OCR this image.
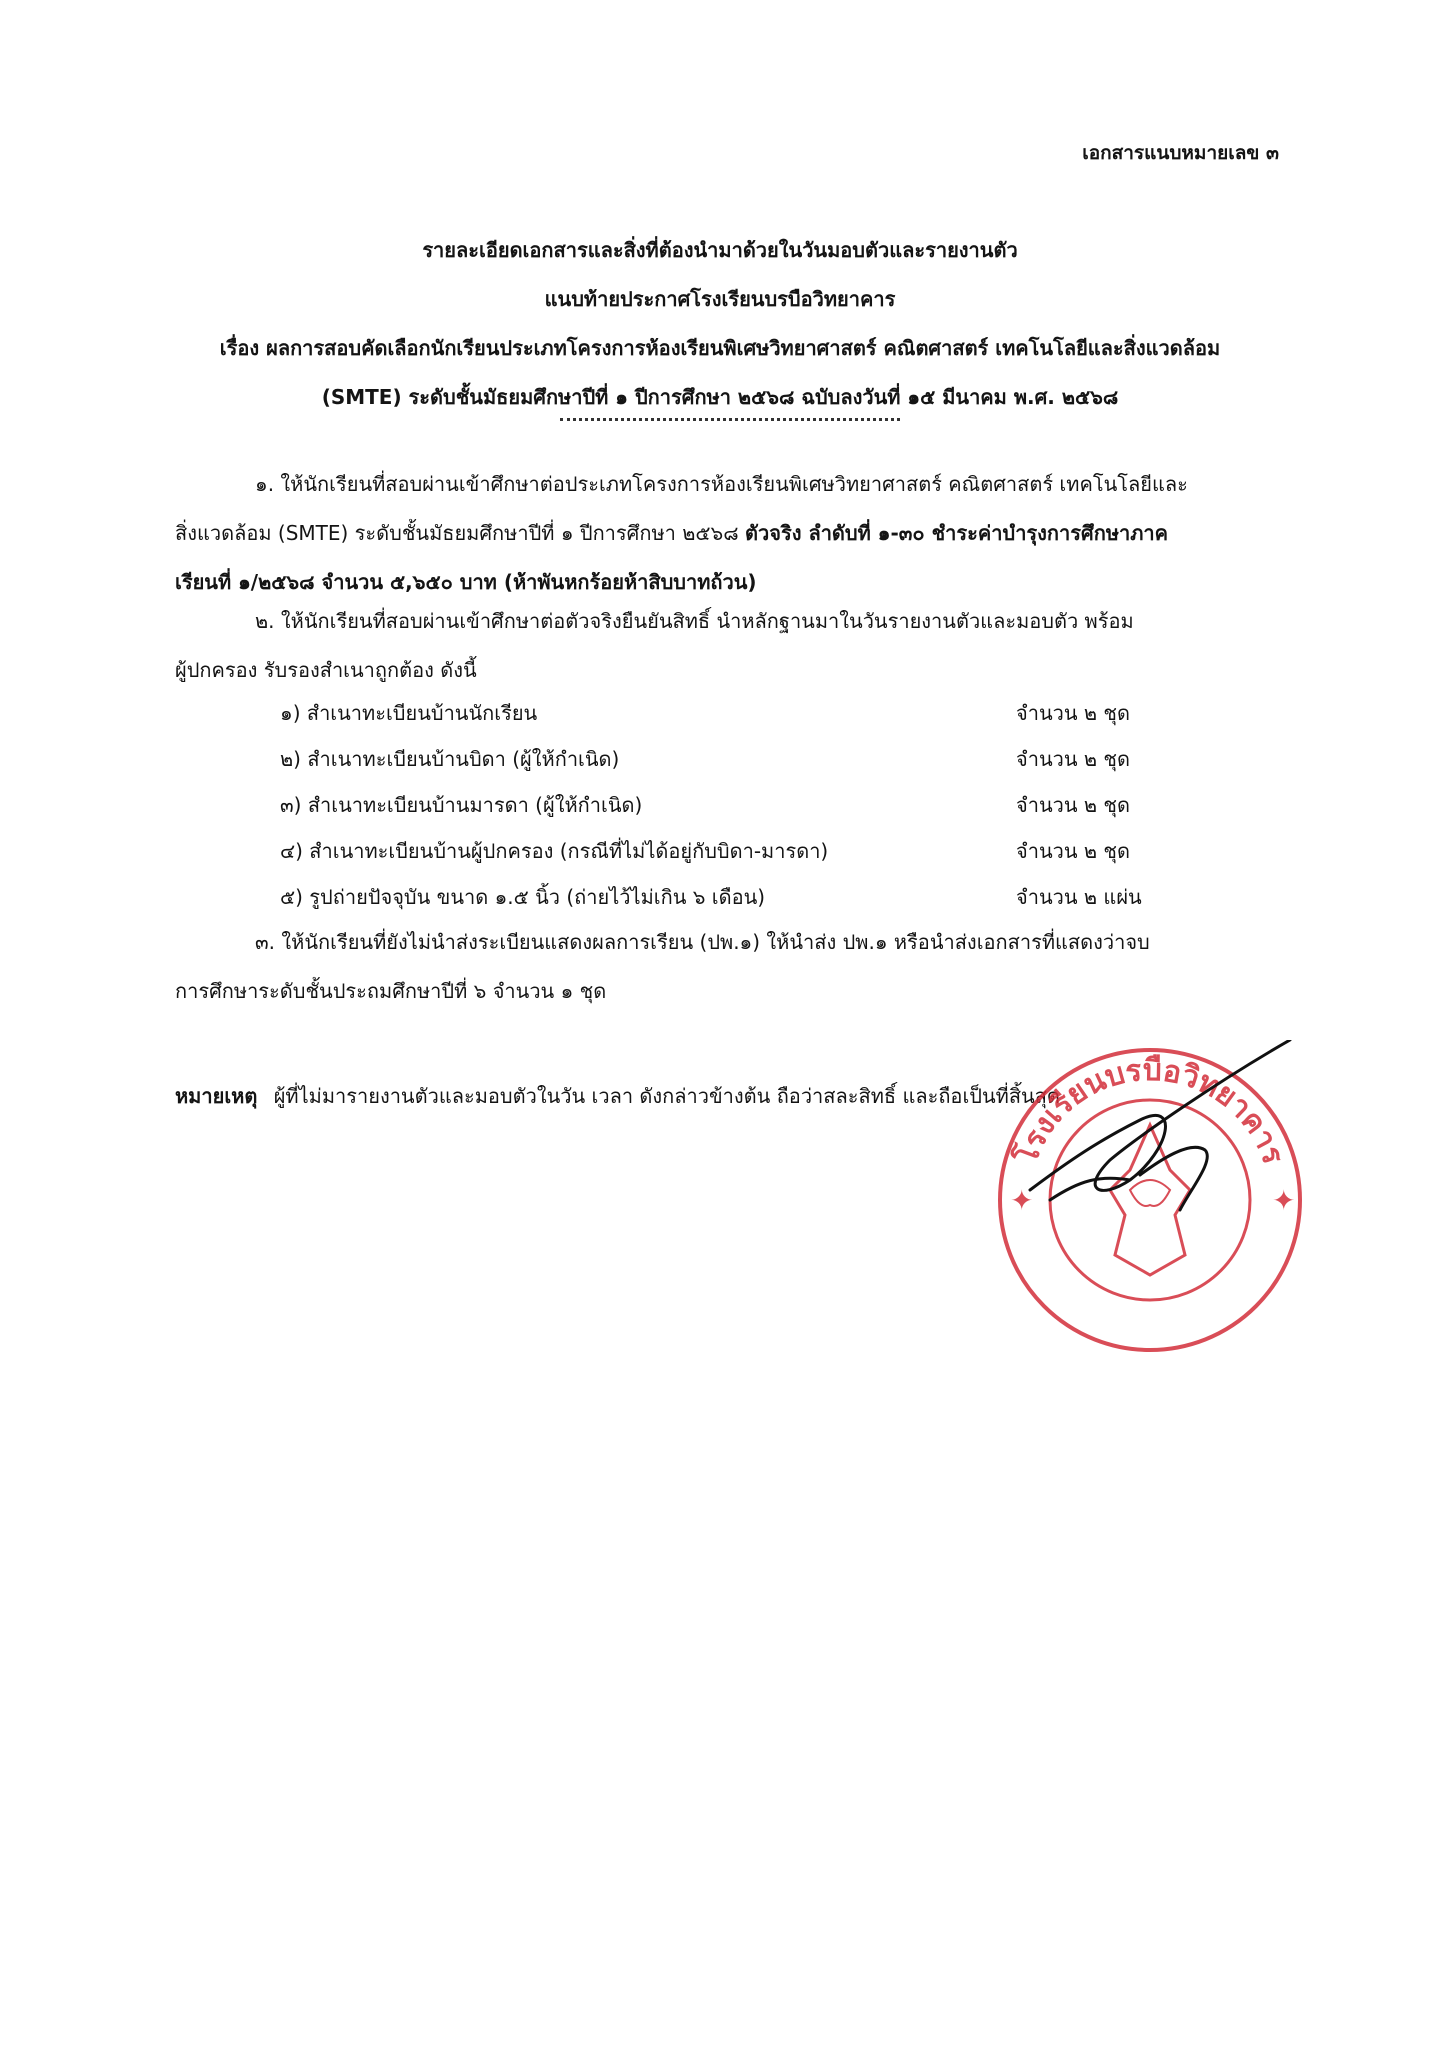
เอกสารแนบหมายเลข ๓
รายละเอียดเอกสารและสิ่งที่ต้องนำมาด้วยในวันมอบตัวและรายงานตัว
แนบท้ายประกาศโรงเรียนบรบือวิทยาคาร
เรื่อง ผลการสอบคัดเลือกนักเรียนประเภทโครงการห้องเรียนพิเศษวิทยาศาสตร์ คณิตศาสตร์ เทคโนโลยีและสิ่งแวดล้อม
(SMTE) ระดับชั้นมัธยมศึกษาปีที่ ๑ ปีการศึกษา ๒๕๖๘ ฉบับลงวันที่ ๑๕ มีนาคม พ.ศ. ๒๕๖๘
๑. ให้นักเรียนที่สอบผ่านเข้าศึกษาต่อประเภทโครงการห้องเรียนพิเศษวิทยาศาสตร์ คณิตศาสตร์ เทคโนโลยีและ
สิ่งแวดล้อม (SMTE) ระดับชั้นมัธยมศึกษาปีที่ ๑ ปีการศึกษา ๒๕๖๘ ตัวจริง ลำดับที่ ๑-๓๐ ชำระค่าบำรุงการศึกษาภาค
เรียนที่ ๑/๒๕๖๘ จำนวน ๕,๖๕๐ บาท (ห้าพันหกร้อยห้าสิบบาทถ้วน)
๒. ให้นักเรียนที่สอบผ่านเข้าศึกษาต่อตัวจริงยืนยันสิทธิ์ นำหลักฐานมาในวันรายงานตัวและมอบตัว พร้อม
ผู้ปกครอง รับรองสำเนาถูกต้อง ดังนี้
๑) สำเนาทะเบียนบ้านนักเรียน	จำนวน ๒ ชุด
๒) สำเนาทะเบียนบ้านบิดา (ผู้ให้กำเนิด)	จำนวน ๒ ชุด
๓) สำเนาทะเบียนบ้านมารดา (ผู้ให้กำเนิด)	จำนวน ๒ ชุด
๔) สำเนาทะเบียนบ้านผู้ปกครอง (กรณีที่ไม่ได้อยู่กับบิดา-มารดา)	จำนวน ๒ ชุด
๕) รูปถ่ายปัจจุบัน ขนาด ๑.๕ นิ้ว (ถ่ายไว้ไม่เกิน ๖ เดือน)	จำนวน ๒ แผ่น
๓. ให้นักเรียนที่ยังไม่นำส่งระเบียนแสดงผลการเรียน (ปพ.๑) ให้นำส่ง ปพ.๑ หรือนำส่งเอกสารที่แสดงว่าจบ
การศึกษาระดับชั้นประถมศึกษาปีที่ ๖ จำนวน ๑ ชุด
หมายเหตุ ผู้ที่ไม่มารายงานตัวและมอบตัวในวัน เวลา ดังกล่าวข้างต้น ถือว่าสละสิทธิ์ และถือเป็นที่สิ้นสุด
โรงเรียนบรบือวิทยาคาร
✦	✦
